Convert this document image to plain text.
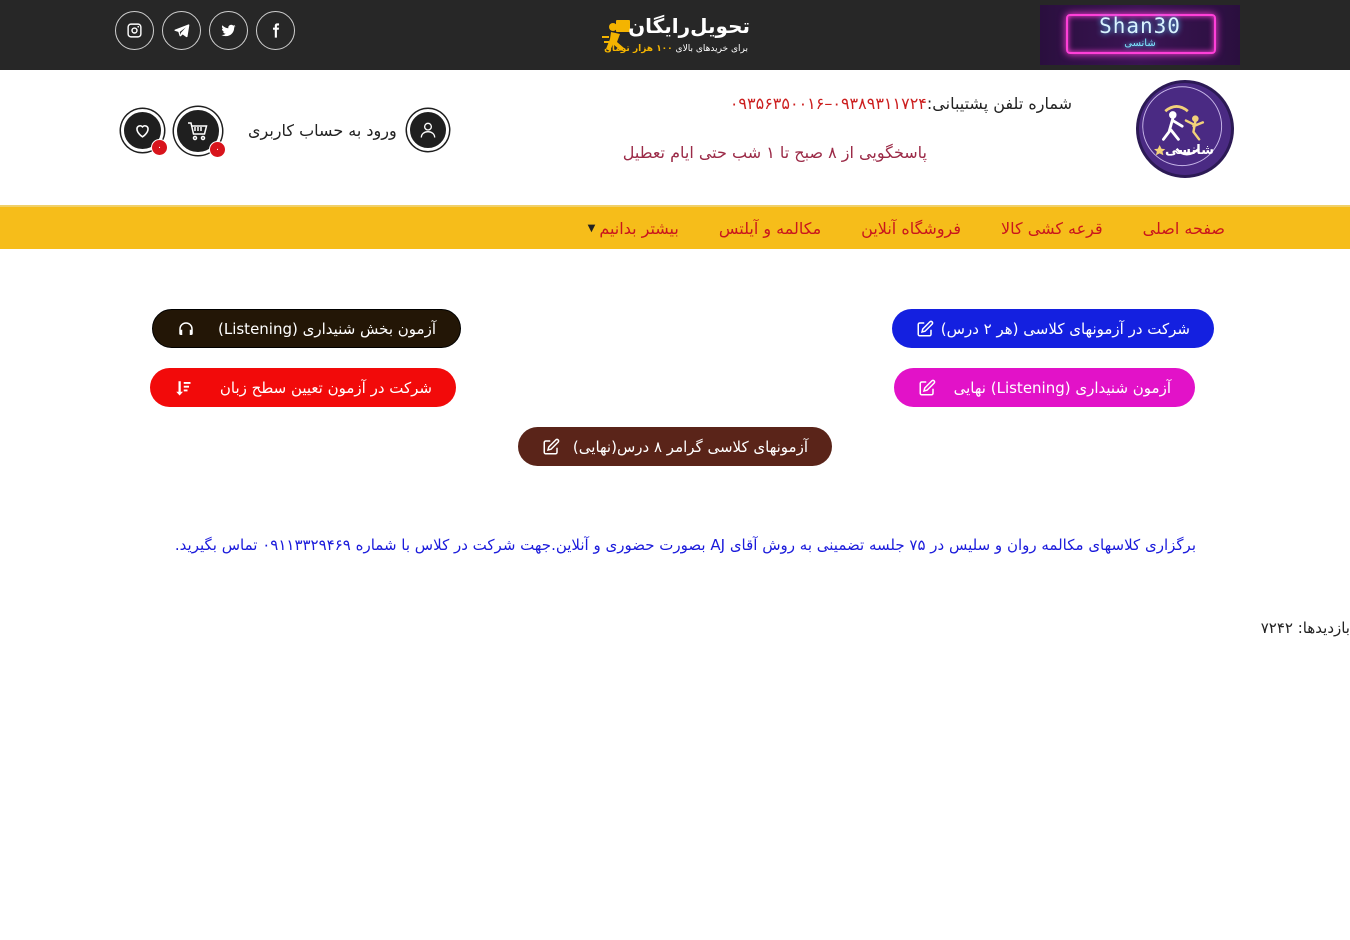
تحویل‌رایگان
برای خریدهای بالای ۱۰۰ هزار تومان
Shan30
شانسی
شانسی
شماره تلفن پشتیبانی:۰۹۳۸۹۳۱۱۷۲۴–۰۹۳۵۶۳۵۰۰۱۶
پاسخگویی از ۸ صبح تا ۱ شب حتی ایام تعطیل
ورود به حساب کاربری
۰
۰
صفحه اصلی
قرعه کشی کالا
فروشگاه آنلاین
مکالمه و آیلتس
بیشتر بدانیم
▼
شرکت در آزمونهای کلاسی (هر ۲ درس)
آزمون بخش شنیداری (Listening)
آزمون شنیداری (Listening) نهایی
شرکت در آزمون تعیین سطح زبان
آزمونهای کلاسی گرامر ۸ درس(نهایی)
برگزاری کلاسهای مکالمه روان و سلیس در ۷۵ جلسه تضمینی به روش آقای AJ بصورت حضوری و آنلاین.جهت شرکت در کلاس با شماره ۰۹۱۱۳۳۲۹۴۶۹ تماس بگیرید.
بازدیدها: ۷۲۴۲
